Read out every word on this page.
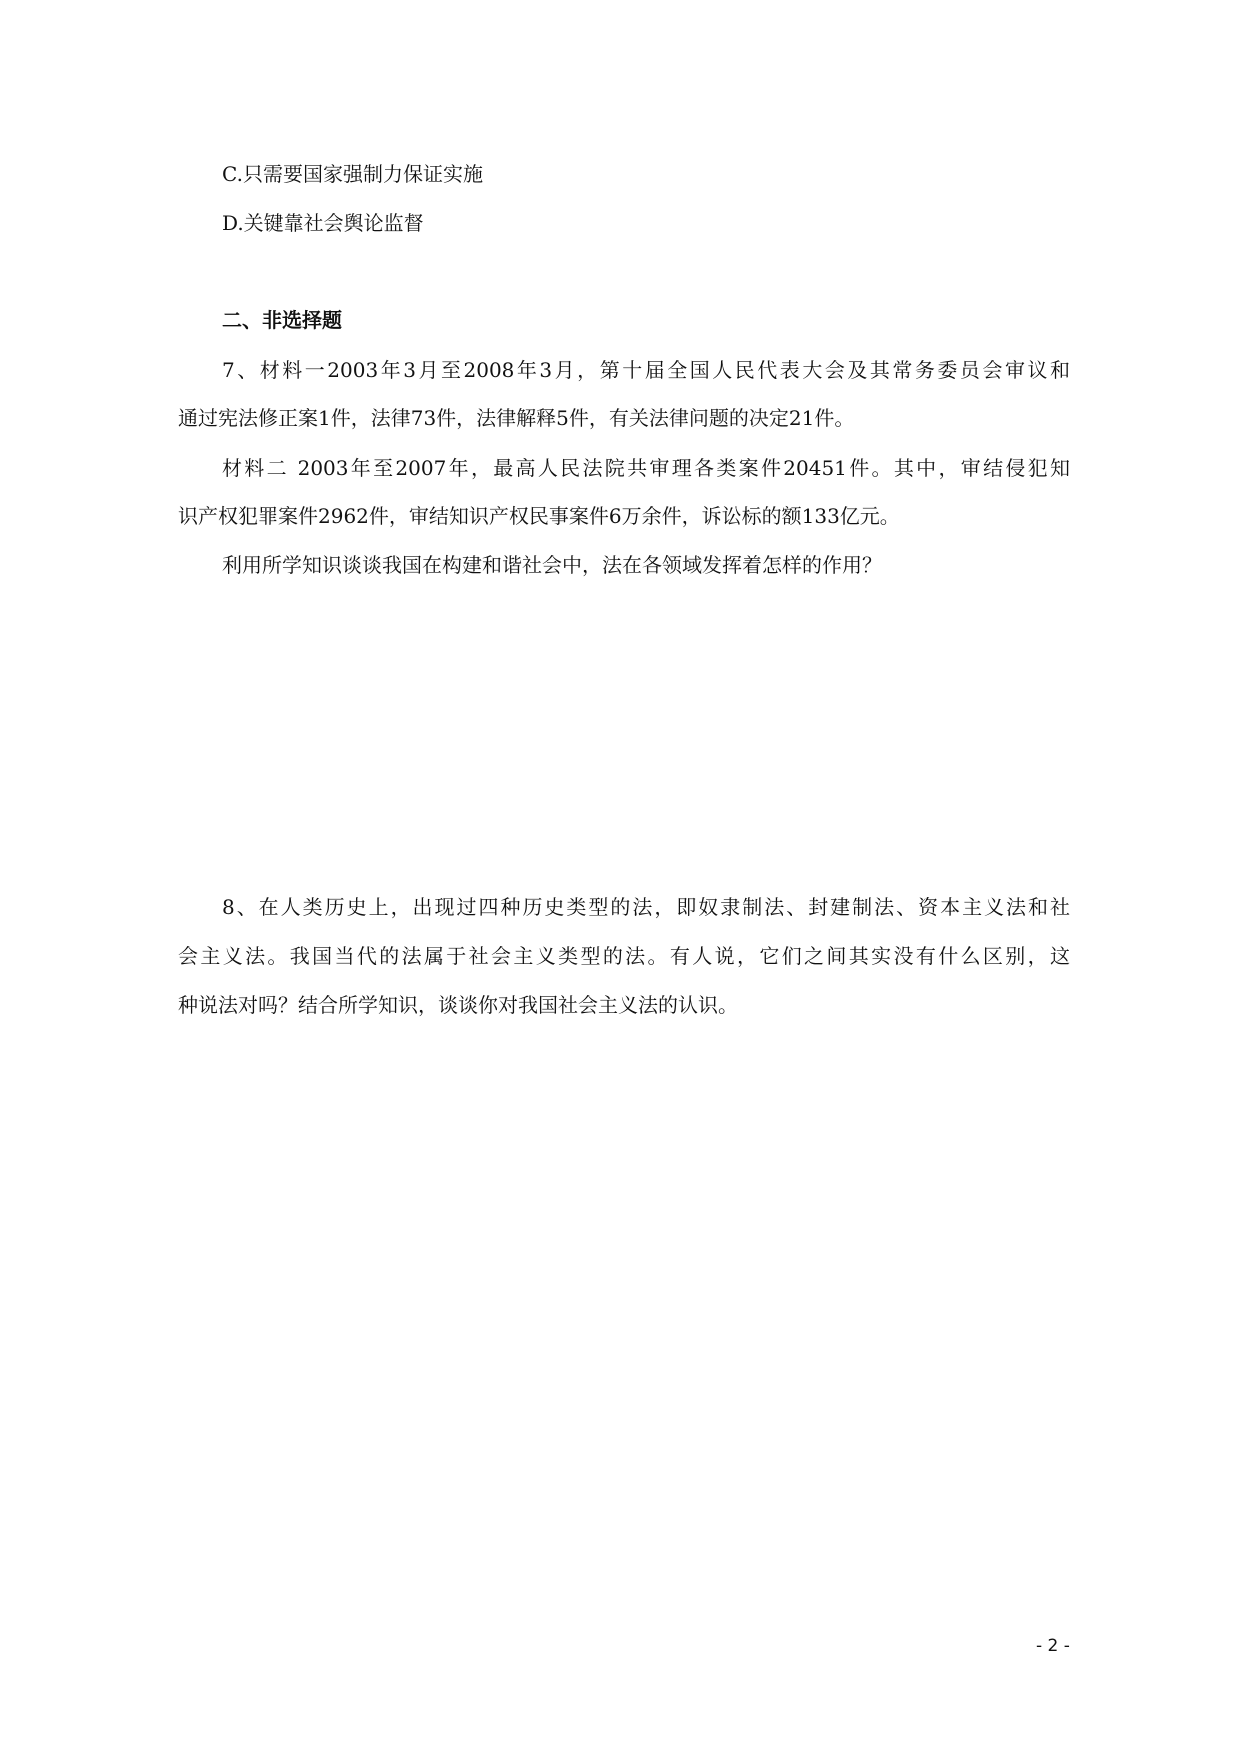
C.只需要国家强制力保证实施
D.关键靠社会舆论监督
二、非选择题
7、材料一2003年3月至2008年3月，第十届全国人民代表大会及其常务委员会审议和
通过宪法修正案1件，法律73件，法律解释5件，有关法律问题的决定21件。
材料二 2003年至2007年，最高人民法院共审理各类案件20451件。其中，审结侵犯知
识产权犯罪案件2962件，审结知识产权民事案件6万余件，诉讼标的额133亿元。
利用所学知识谈谈我国在构建和谐社会中，法在各领域发挥着怎样的作用？
8、在人类历史上，出现过四种历史类型的法，即奴隶制法、封建制法、资本主义法和社
会主义法。我国当代的法属于社会主义类型的法。有人说，它们之间其实没有什么区别，这
种说法对吗？结合所学知识，谈谈你对我国社会主义法的认识。
- 2 -
